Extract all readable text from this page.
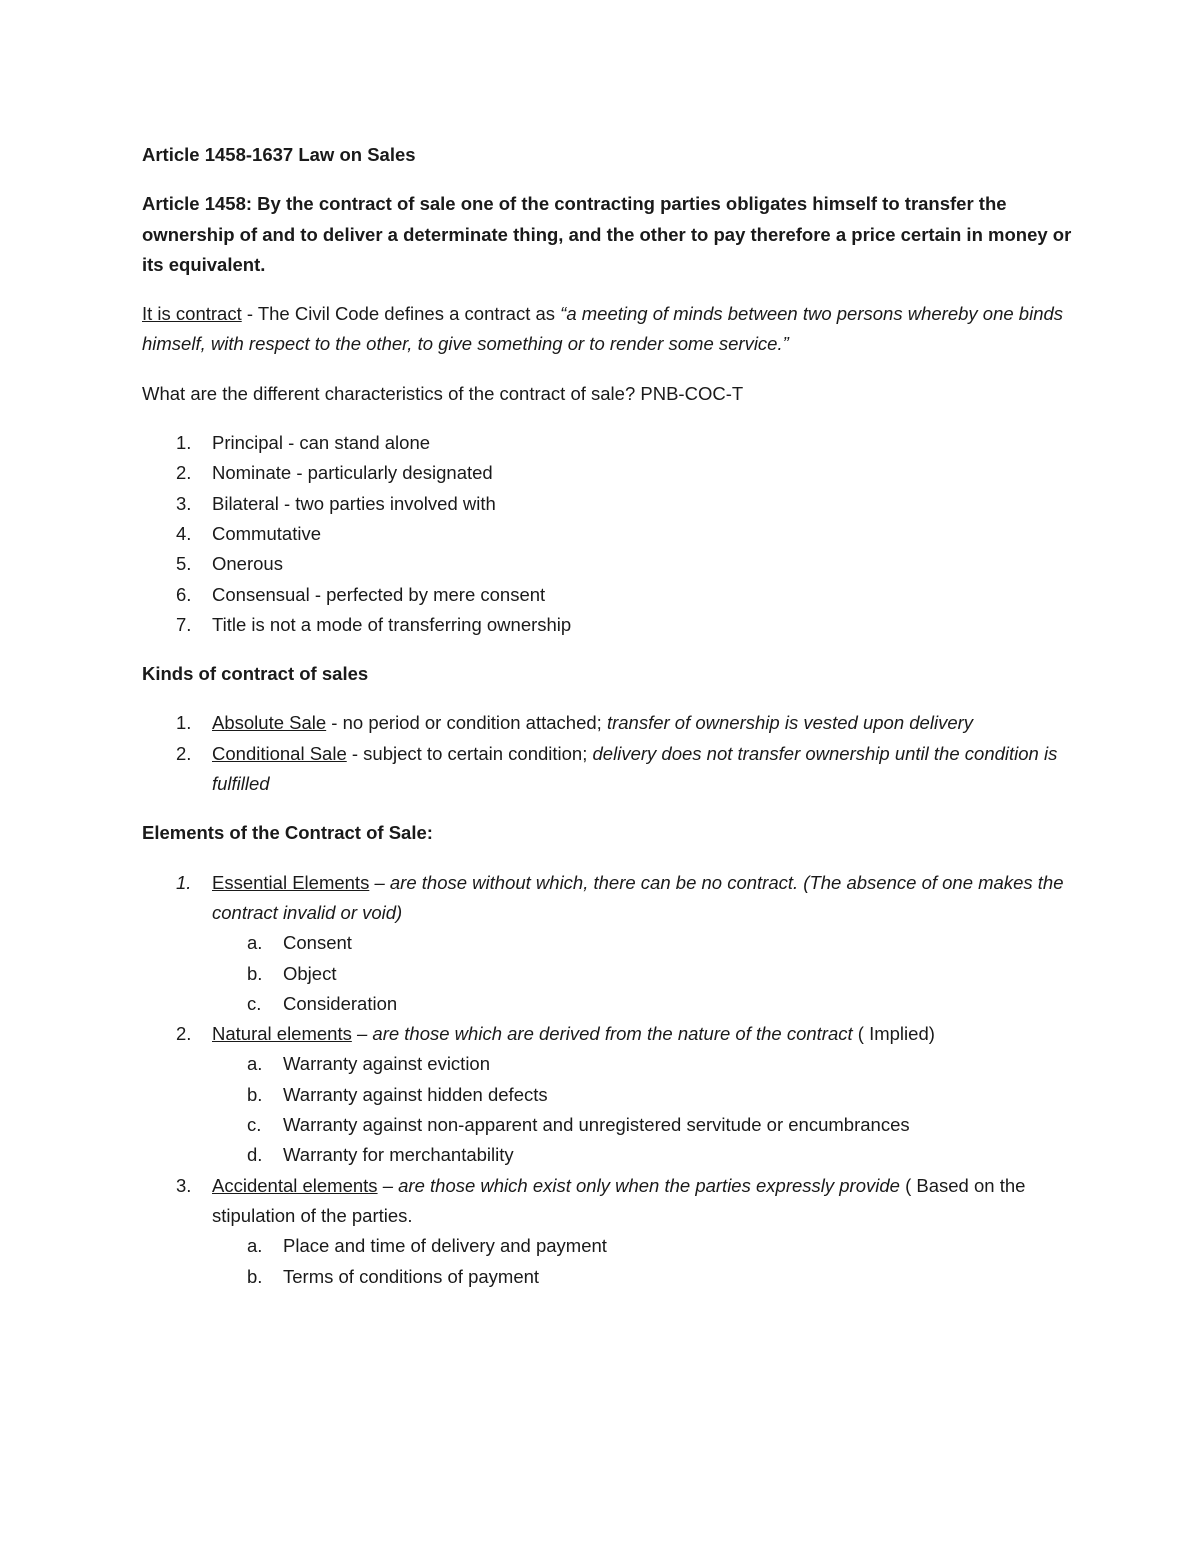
Article 1458-1637 Law on Sales

Article 1458: By the contract of sale one of the contracting parties obligates himself to transfer the ownership of and to deliver a determinate thing, and the other to pay therefore a price certain in money or its equivalent.

It is contract - The Civil Code defines a contract as “a meeting of minds between two persons whereby one binds himself, with respect to the other, to give something or to render some service.”

What are the different characteristics of the contract of sale? PNB-COC-T

1. Principal - can stand alone
2. Nominate - particularly designated
3. Bilateral - two parties involved with
4. Commutative
5. Onerous
6. Consensual - perfected by mere consent
7. Title is not a mode of transferring ownership

Kinds of contract of sales

1. Absolute Sale - no period or condition attached; transfer of ownership is vested upon delivery
2. Conditional Sale - subject to certain condition; delivery does not transfer ownership until the condition is fulfilled

Elements of the Contract of Sale:

1. Essential Elements – are those without which, there can be no contract. (The absence of one makes the contract invalid or void)
a. Consent
b. Object
c. Consideration
2. Natural elements – are those which are derived from the nature of the contract ( Implied)
a. Warranty against eviction
b. Warranty against hidden defects
c. Warranty against non-apparent and unregistered servitude or encumbrances
d. Warranty for merchantability
3. Accidental elements – are those which exist only when the parties expressly provide ( Based on the stipulation of the parties.
a. Place and time of delivery and payment
b. Terms of conditions of payment
